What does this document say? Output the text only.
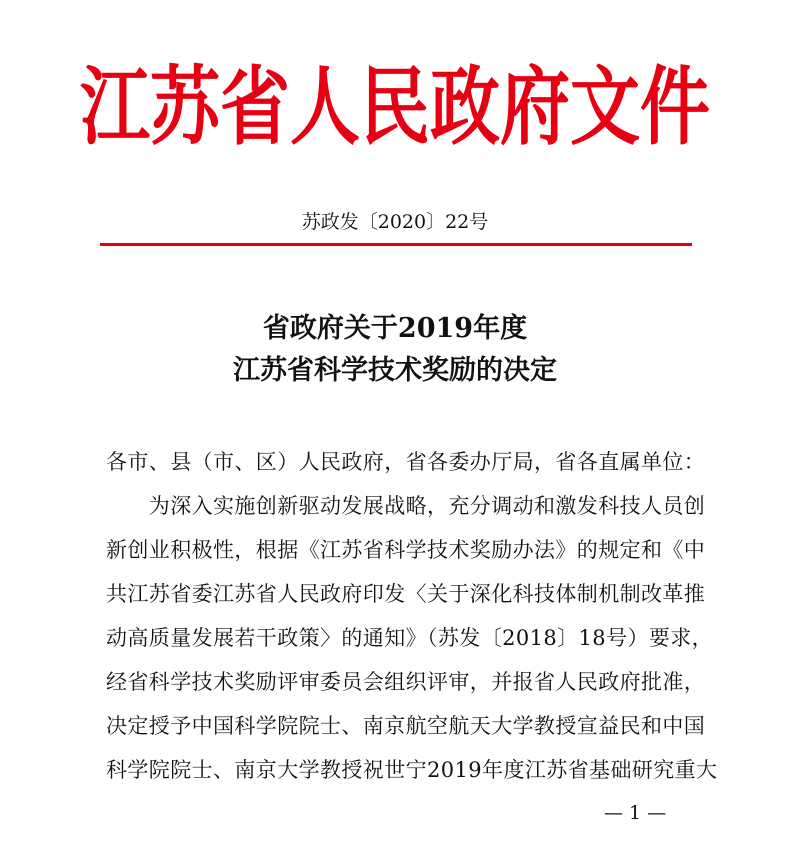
江苏省人民政府文件
苏政发〔2020〕22号
省政府关于2019年度
江苏省科学技术奖励的决定
各市、县（市、区）人民政府，省各委办厅局，省各直属单位：
　　为深入实施创新驱动发展战略，充分调动和激发科技人员创
新创业积极性，根据《江苏省科学技术奖励办法》的规定和《中
共江苏省委江苏省人民政府印发〈关于深化科技体制机制改革推
动高质量发展若干政策〉的通知》（苏发〔2018〕18号）要求，
经省科学技术奖励评审委员会组织评审，并报省人民政府批准，
决定授予中国科学院院士、南京航空航天大学教授宣益民和中国
科学院院士、南京大学教授祝世宁2019年度江苏省基础研究重大
— 1 —
